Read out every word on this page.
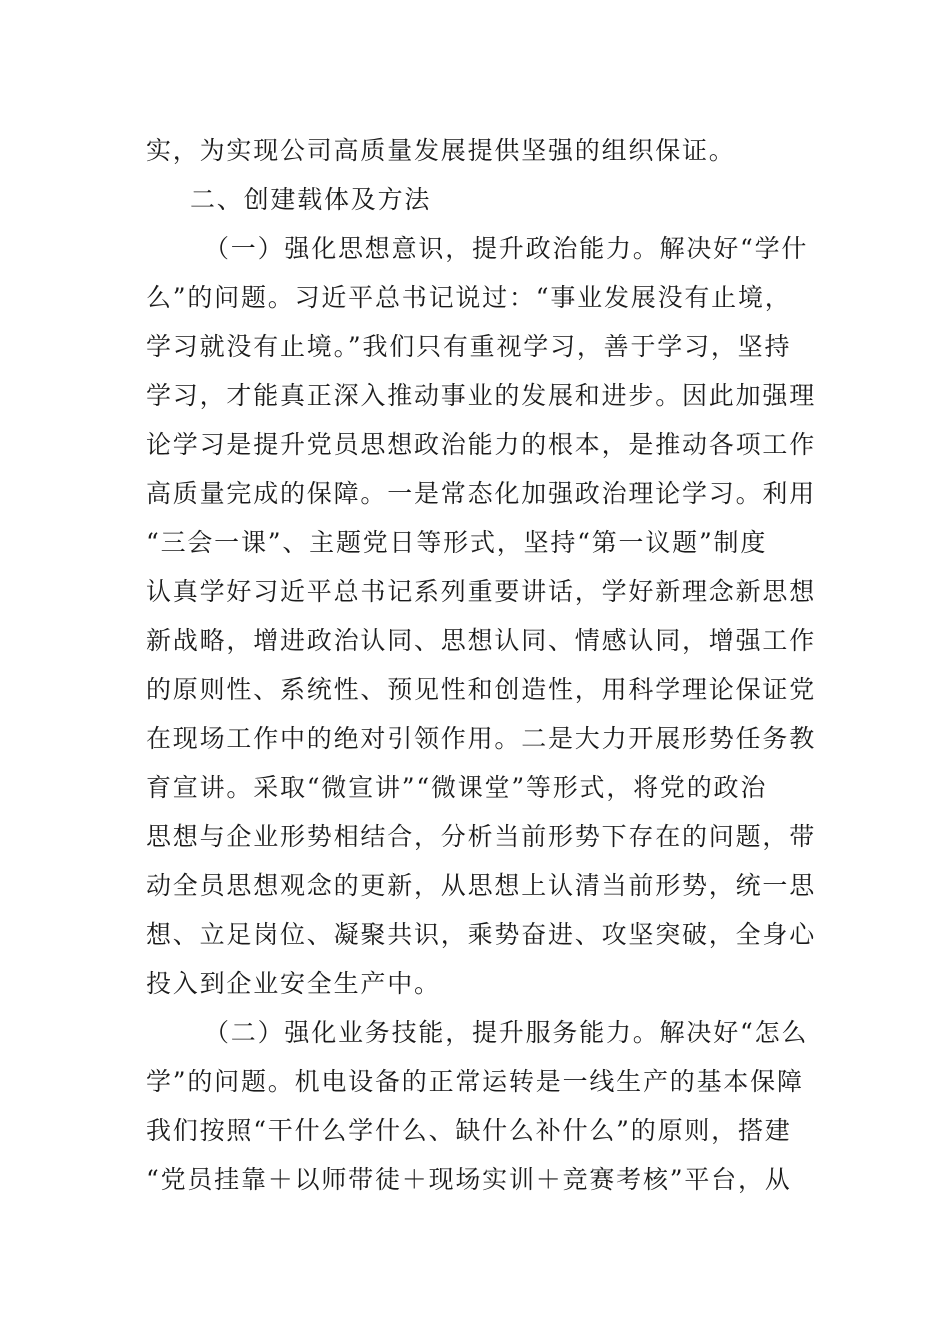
实，为实现公司高质量发展提供坚强的组织保证。
二、创建载体及方法
（一）强化思想意识，提升政治能力。解决好“学什
么”的问题。习近平总书记说过：“事业发展没有止境，
学习就没有止境。”我们只有重视学习，善于学习，坚持
学习，才能真正深入推动事业的发展和进步。因此加强理
论学习是提升党员思想政治能力的根本，是推动各项工作
高质量完成的保障。一是常态化加强政治理论学习。利用
“三会一课”、主题党日等形式，坚持“第一议题”制度
认真学好习近平总书记系列重要讲话，学好新理念新思想
新战略，增进政治认同、思想认同、情感认同，增强工作
的原则性、系统性、预见性和创造性，用科学理论保证党
在现场工作中的绝对引领作用。二是大力开展形势任务教
育宣讲。采取“微宣讲”“微课堂”等形式，将党的政治
思想与企业形势相结合，分析当前形势下存在的问题，带
动全员思想观念的更新，从思想上认清当前形势，统一思
想、立足岗位、凝聚共识，乘势奋进、攻坚突破，全身心
投入到企业安全生产中。
（二）强化业务技能，提升服务能力。解决好“怎么
学”的问题。机电设备的正常运转是一线生产的基本保障
我们按照“干什么学什么、缺什么补什么”的原则，搭建
“党员挂靠＋以师带徒＋现场实训＋竞赛考核”平台，从
